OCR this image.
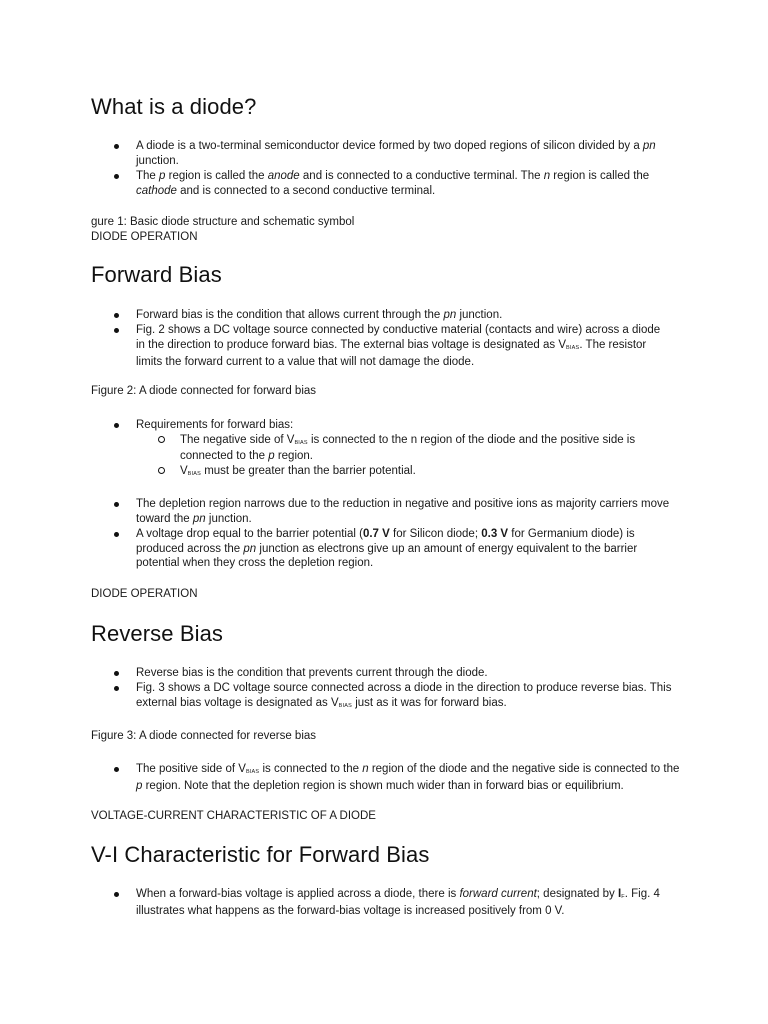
What is a diode?
A diode is a two-terminal semiconductor device formed by two doped regions of silicon divided by a pn junction.
The p region is called the anode and is connected to a conductive terminal. The n region is called the cathode and is connected to a second conductive terminal.

gure 1: Basic diode structure and schematic symbol

DIODE OPERATION

Forward Bias
Forward bias is the condition that allows current through the pn junction.
Fig. 2 shows a DC voltage source connected by conductive material (contacts and wire) across a diode in the direction to produce forward bias. The external bias voltage is designated as VBIAS. The resistor limits the forward current to a value that will not damage the diode.

Figure 2: A diode connected for forward bias

Requirements for forward bias:
The negative side of VBIAS is connected to the n region of the diode and the positive side is connected to the p region.
VBIAS must be greater than the barrier potential.
The depletion region narrows due to the reduction in negative and positive ions as majority carriers move toward the pn junction.
A voltage drop equal to the barrier potential (0.7 V for Silicon diode; 0.3 V for Germanium diode) is produced across the pn junction as electrons give up an amount of energy equivalent to the barrier potential when they cross the depletion region.

DIODE OPERATION

Reverse Bias
Reverse bias is the condition that prevents current through the diode.
Fig. 3 shows a DC voltage source connected across a diode in the direction to produce reverse bias. This external bias voltage is designated as VBIAS just as it was for forward bias.

Figure 3: A diode connected for reverse bias

The positive side of VBIAS is connected to the n region of the diode and the negative side is connected to the p region. Note that the depletion region is shown much wider than in forward bias or equilibrium.

VOLTAGE-CURRENT CHARACTERISTIC OF A DIODE

V-I Characteristic for Forward Bias
When a forward-bias voltage is applied across a diode, there is forward current; designated by IF. Fig. 4 illustrates what happens as the forward-bias voltage is increased positively from 0 V.
